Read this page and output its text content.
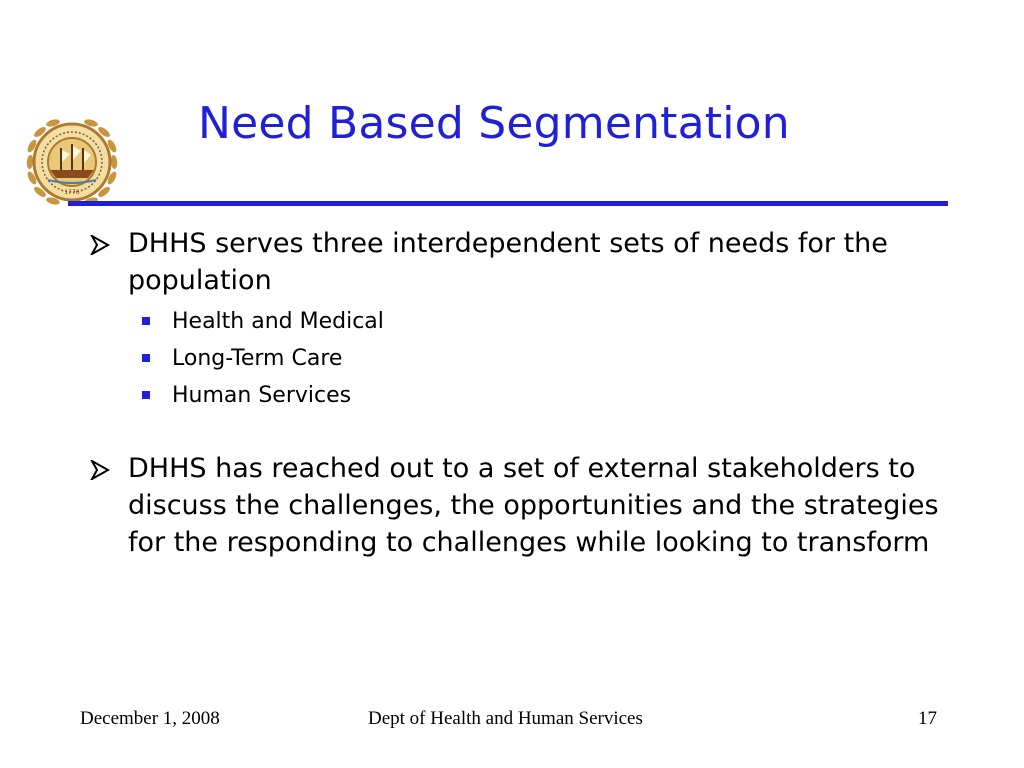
1776
Need Based Segmentation
DHHS serves three interdependent sets of needs for the population
Health and Medical
Long-Term Care
Human Services
DHHS has reached out to a set of external stakeholders to discuss the challenges, the opportunities and the strategies for the responding to challenges while looking to transform
December 1, 2008	Dept of Health and Human Services	17
